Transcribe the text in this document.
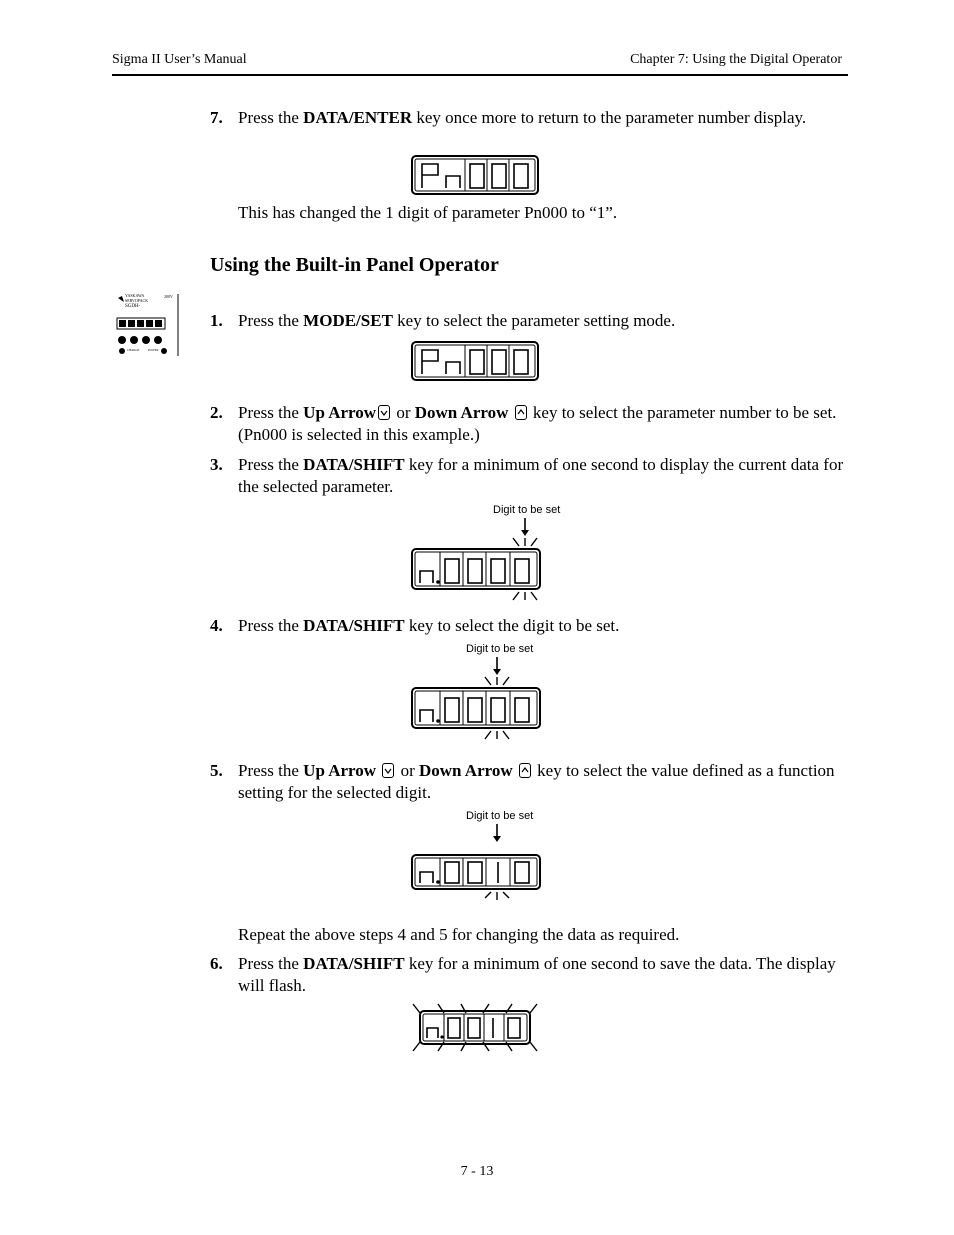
Sigma II User’s Manual	Chapter 7: Using the Digital Operator
7. Press the DATA/ENTER key once more to return to the parameter number display.
This has changed the 1 digit of parameter Pn000 to “1”.
Using the Built-in Panel Operator
YASKAWA
SERVOPACK
SGDH-
200V
CHARGE	POWER
1. Press the MODE/SET key to select the parameter setting mode.
2. Press the Up Arrow
or Down Arrow
key to select the parameter number to be set. (Pn000 is selected in this example.)
3. Press the DATA/SHIFT key for a minimum of one second to display the current data for the selected parameter.
Digit to be set
4. Press the DATA/SHIFT key to select the digit to be set.
Digit to be set
5. Press the Up Arrow
or Down Arrow
key to select the value defined as a function setting for the selected digit.
Digit to be set
Repeat the above steps 4 and 5 for changing the data as required.
6. Press the DATA/SHIFT key for a minimum of one second to save the data. The display will flash.
7 - 13
